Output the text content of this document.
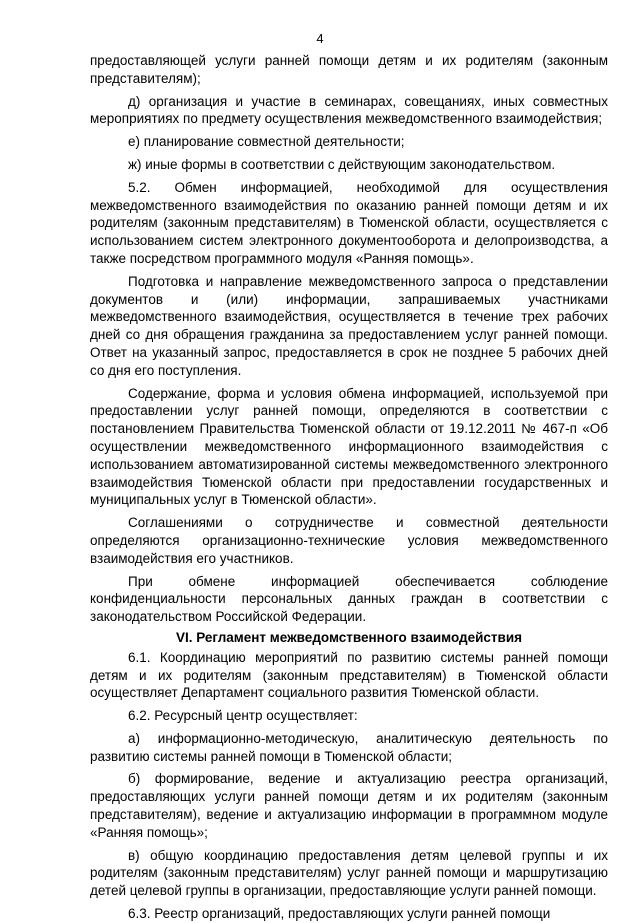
4

предоставляющей услуги ранней помощи детям и их родителям (законным представителям);

д) организация и участие в семинарах, совещаниях, иных совместных мероприятиях по предмету осуществления межведомственного взаимодействия;

е) планирование совместной деятельности;

ж) иные формы в соответствии с действующим законодательством.

5.2. Обмен информацией, необходимой для осуществления межведомственного взаимодействия по оказанию ранней помощи детям и их родителям (законным представителям) в Тюменской области, осуществляется с использованием систем электронного документооборота и делопроизводства, а также посредством программного модуля «Ранняя помощь».

Подготовка и направление межведомственного запроса о представлении документов и (или) информации, запрашиваемых участниками межведомственного взаимодействия, осуществляется в течение трех рабочих дней со дня обращения гражданина за предоставлением услуг ранней помощи. Ответ на указанный запрос, предоставляется в срок не позднее 5 рабочих дней со дня его поступления.

Содержание, форма и условия обмена информацией, используемой при предоставлении услуг ранней помощи, определяются в соответствии с постановлением Правительства Тюменской области от 19.12.2011 № 467-п «Об осуществлении межведомственного информационного взаимодействия с использованием автоматизированной системы межведомственного электронного взаимодействия Тюменской области при предоставлении государственных и муниципальных услуг в Тюменской области».

Соглашениями о сотрудничестве и совместной деятельности определяются организационно-технические условия межведомственного взаимодействия его участников.

При обмене информацией обеспечивается соблюдение конфиденциальности персональных данных граждан в соответствии с законодательством Российской Федерации.

VI. Регламент межведомственного взаимодействия

6.1. Координацию мероприятий по развитию системы ранней помощи детям и их родителям (законным представителям) в Тюменской области осуществляет Департамент социального развития Тюменской области.

6.2. Ресурсный центр осуществляет:

а) информационно-методическую, аналитическую деятельность по развитию системы ранней помощи в Тюменской области;

б) формирование, ведение и актуализацию реестра организаций, предоставляющих услуги ранней помощи детям и их родителям (законным представителям), ведение и актуализацию информации в программном модуле «Ранняя помощь»;

в) общую координацию предоставления детям целевой группы и их родителям (законным представителям) услуг ранней помощи и маршрутизацию детей целевой группы в организации, предоставляющие услуги ранней помощи.

6.3. Реестр организаций, предоставляющих услуги ранней помощи
